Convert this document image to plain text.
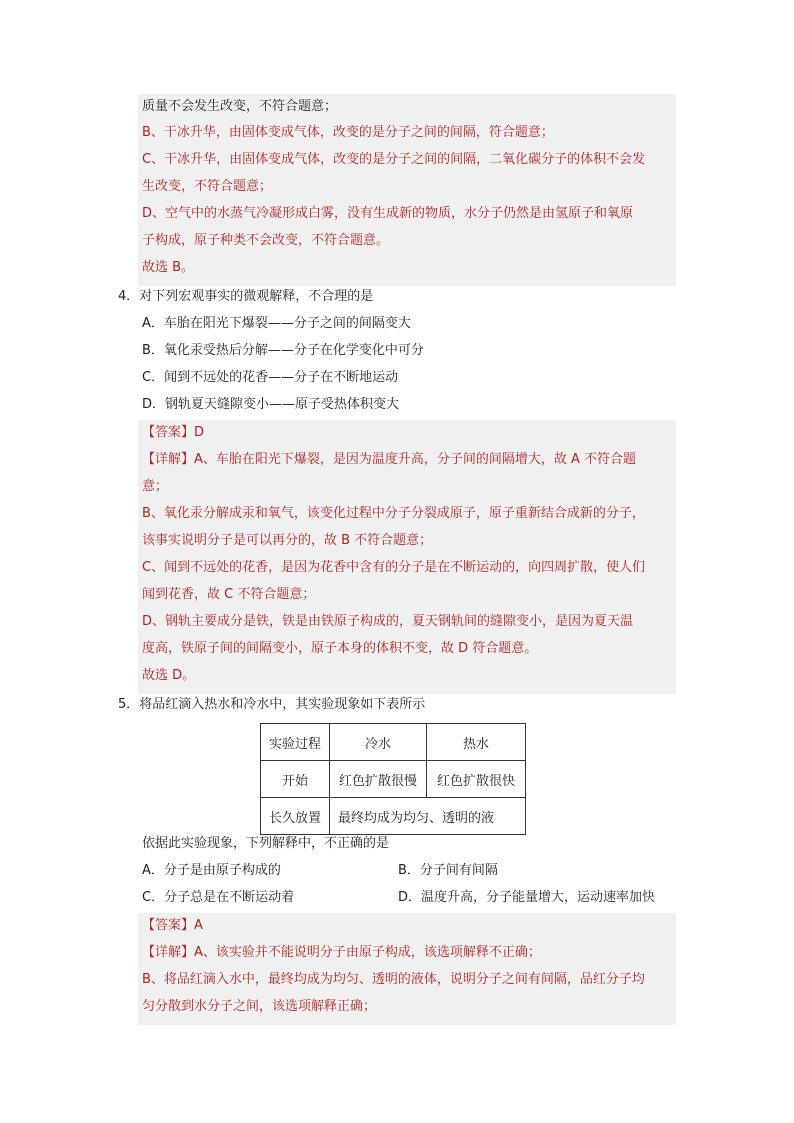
质量不会发生改变，不符合题意；
B、干冰升华，由固体变成气体，改变的是分子之间的间隔，符合题意；
C、干冰升华，由固体变成气体，改变的是分子之间的间隔，二氧化碳分子的体积不会发
生改变，不符合题意；
D、空气中的水蒸气冷凝形成白雾，没有生成新的物质，水分子仍然是由氢原子和氧原
子构成，原子种类不会改变，不符合题意。
故选 B。
4．对下列宏观事实的微观解释，不合理的是
A．车胎在阳光下爆裂——分子之间的间隔变大
B．氧化汞受热后分解——分子在化学变化中可分
C．闻到不远处的花香——分子在不断地运动
D．钢轨夏天缝隙变小——原子受热体积变大
【答案】D
【详解】A、车胎在阳光下爆裂，是因为温度升高，分子间的间隔增大，故 A 不符合题
意；
B、氧化汞分解成汞和氧气，该变化过程中分子分裂成原子，原子重新结合成新的分子，
该事实说明分子是可以再分的，故 B 不符合题意；
C、闻到不远处的花香，是因为花香中含有的分子是在不断运动的，向四周扩散，使人们
闻到花香，故 C 不符合题意；
D、钢轨主要成分是铁，铁是由铁原子构成的，夏天钢轨间的缝隙变小，是因为夏天温
度高，铁原子间的间隔变小，原子本身的体积不变，故 D 符合题意。
故选 D。
5．将品红滴入热水和冷水中，其实验现象如下表所示
实验过程	冷水	热水
开始	红色扩散很慢	红色扩散很快
长久放置	最终均成为均匀、透明的液	
依据此实验现象，下列解释中，不正确的是
A．分子是由原子构成的	B．分子间有间隔
C．分子总是在不断运动着	D．温度升高，分子能量增大，运动速率加快
【答案】A
【详解】A、该实验并不能说明分子由原子构成，该选项解释不正确；
B、将品红滴入水中，最终均成为均匀、透明的液体，说明分子之间有间隔，品红分子均
匀分散到水分子之间，该选项解释正确；
